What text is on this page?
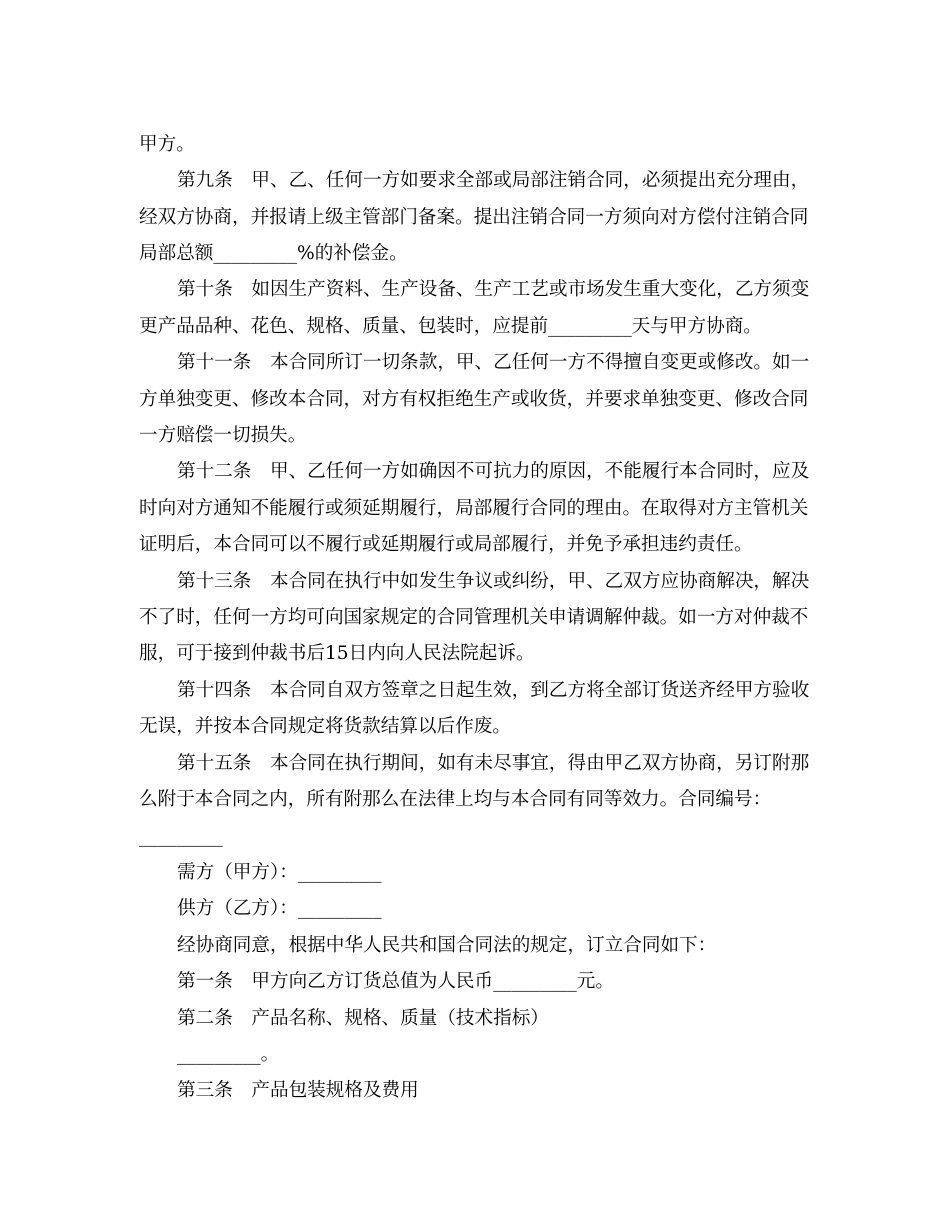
甲方。
第九条　甲、乙、任何一方如要求全部或局部注销合同，必须提出充分理由，
经双方协商，并报请上级主管部门备案。提出注销合同一方须向对方偿付注销合同
局部总额_________%的补偿金。
第十条　如因生产资料、生产设备、生产工艺或市场发生重大变化，乙方须变
更产品品种、花色、规格、质量、包装时，应提前_________天与甲方协商。
第十一条　本合同所订一切条款，甲、乙任何一方不得擅自变更或修改。如一
方单独变更、修改本合同，对方有权拒绝生产或收货，并要求单独变更、修改合同
一方赔偿一切损失。
第十二条　甲、乙任何一方如确因不可抗力的原因，不能履行本合同时，应及
时向对方通知不能履行或须延期履行，局部履行合同的理由。在取得对方主管机关
证明后，本合同可以不履行或延期履行或局部履行，并免予承担违约责任。
第十三条　本合同在执行中如发生争议或纠纷，甲、乙双方应协商解决，解决
不了时，任何一方均可向国家规定的合同管理机关申请调解仲裁。如一方对仲裁不
服，可于接到仲裁书后15日内向人民法院起诉。
第十四条　本合同自双方签章之日起生效，到乙方将全部订货送齐经甲方验收
无误，并按本合同规定将货款结算以后作废。
第十五条　本合同在执行期间，如有未尽事宜，得由甲乙双方协商，另订附那
么附于本合同之内，所有附那么在法律上均与本合同有同等效力。合同编号：
_________
需方（甲方）：_________
供方（乙方）：_________
经协商同意，根据中华人民共和国合同法的规定，订立合同如下：
第一条　甲方向乙方订货总值为人民币_________元。
第二条　产品名称、规格、质量（技术指标）
_________。
第三条　产品包装规格及费用
